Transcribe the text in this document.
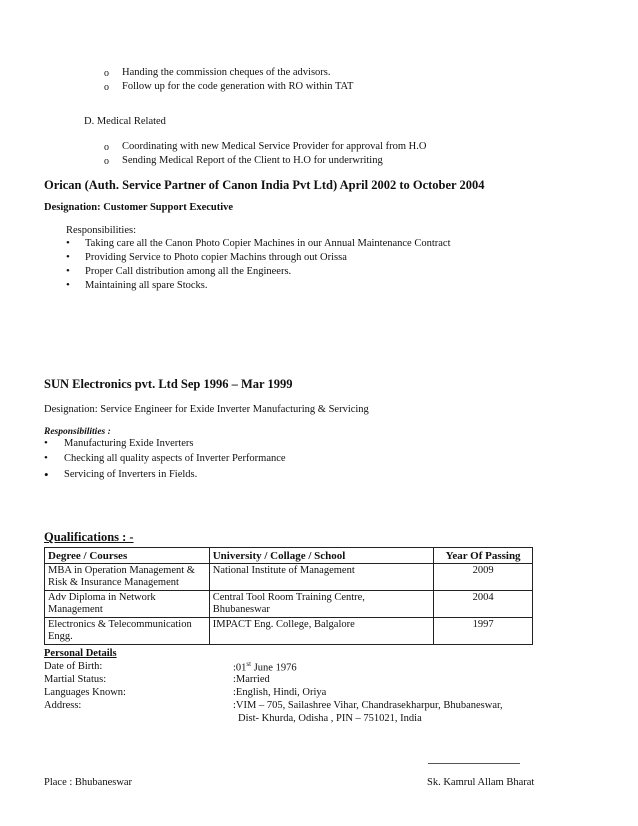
o Handing the commission cheques of the advisors.
o Follow up for the code generation with RO within TAT
D. Medical Related
o Coordinating with new Medical Service Provider for approval from H.O
o Sending Medical Report of the Client to H.O for underwriting
Orican (Auth. Service Partner of Canon India Pvt Ltd) April 2002 to October 2004
Designation: Customer Support Executive
Responsibilities:
• Taking care all the Canon Photo Copier Machines in our Annual Maintenance Contract
• Providing Service to Photo copier Machins through out Orissa
• Proper Call distribution among all the Engineers.
• Maintaining all spare Stocks.
SUN Electronics pvt. Ltd Sep 1996 – Mar 1999
Designation: Service Engineer for Exide Inverter Manufacturing & Servicing
Responsibilities :
• Manufacturing Exide Inverters
• Checking all quality aspects of Inverter Performance
• Servicing of Inverters in Fields.
Qualifications : -
Degree / Courses	University / Collage / School	Year Of Passing
MBA in Operation Management &
Risk & Insurance Management	National Institute of Management	2009
Adv Diploma in Network
Management	Central Tool Room Training Centre,
Bhubaneswar	2004
Electronics & Telecommunication
Engg.	IMPACT Eng. College, Balgalore	1997
Personal Details
Date of Birth:	:01st June 1976
Martial Status:	:Married
Languages Known:	:English, Hindi, Oriya
Address:	:VIM – 705, Sailashree Vihar, Chandrasekharpur, Bhubaneswar,
Dist- Khurda, Odisha , PIN – 751021, India
Place : Bhubaneswar	Sk. Kamrul Allam Bharat
